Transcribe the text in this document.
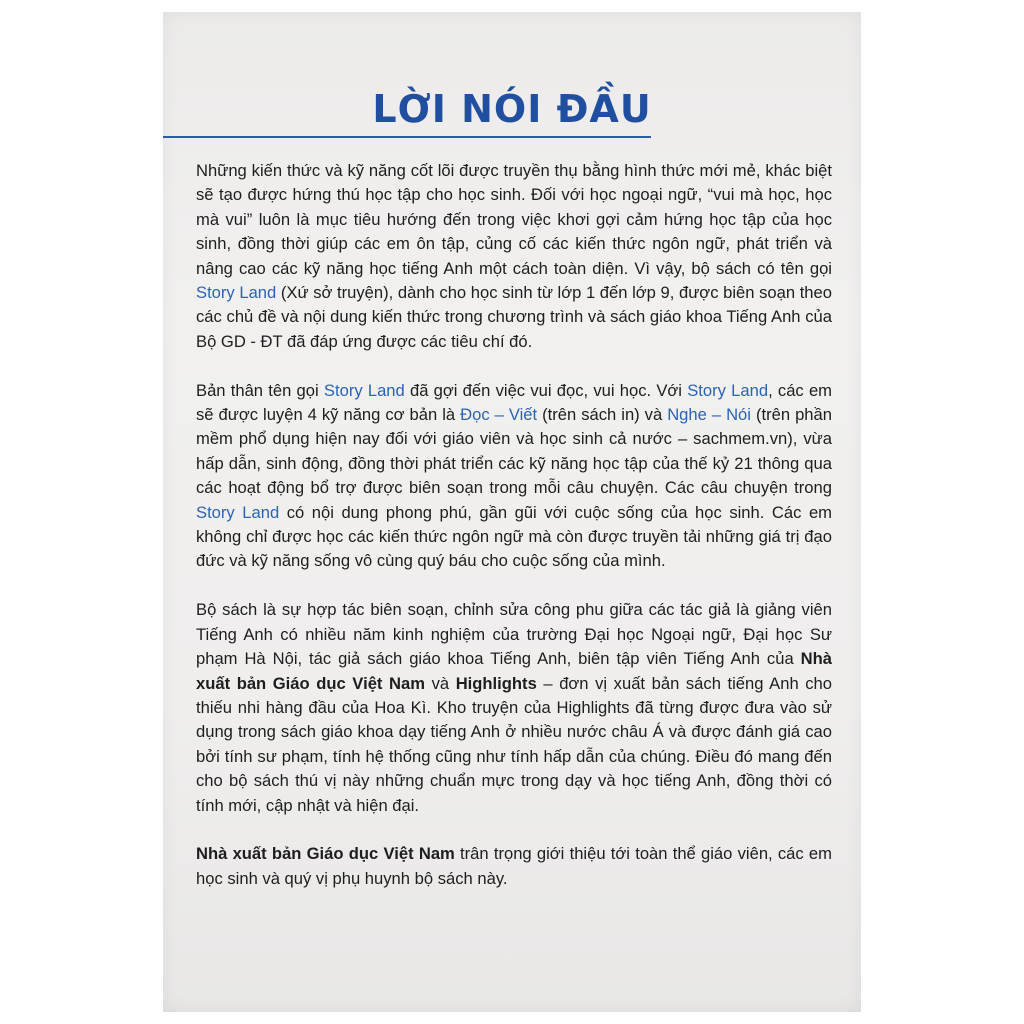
LỜI NÓI ĐẦU

Những kiến thức và kỹ năng cốt lõi được truyền thụ bằng hình thức mới mẻ, khác biệt sẽ tạo được hứng thú học tập cho học sinh. Đối với học ngoại ngữ, “vui mà học, học mà vui” luôn là mục tiêu hướng đến trong việc khơi gợi cảm hứng học tập của học sinh, đồng thời giúp các em ôn tập, củng cố các kiến thức ngôn ngữ, phát triển và nâng cao các kỹ năng học tiếng Anh một cách toàn diện. Vì vậy, bộ sách có tên gọi Story Land (Xứ sở truyện), dành cho học sinh từ lớp 1 đến lớp 9, được biên soạn theo các chủ đề và nội dung kiến thức trong chương trình và sách giáo khoa Tiếng Anh của Bộ GD - ĐT đã đáp ứng được các tiêu chí đó.

Bản thân tên gọi Story Land đã gợi đến việc vui đọc, vui học. Với Story Land, các em sẽ được luyện 4 kỹ năng cơ bản là Đọc – Viết (trên sách in) và Nghe – Nói (trên phần mềm phổ dụng hiện nay đối với giáo viên và học sinh cả nước – sachmem.vn), vừa hấp dẫn, sinh động, đồng thời phát triển các kỹ năng học tập của thế kỷ 21 thông qua các hoạt động bổ trợ được biên soạn trong mỗi câu chuyện. Các câu chuyện trong Story Land có nội dung phong phú, gần gũi với cuộc sống của học sinh. Các em không chỉ được học các kiến thức ngôn ngữ mà còn được truyền tải những giá trị đạo đức và kỹ năng sống vô cùng quý báu cho cuộc sống của mình.

Bộ sách là sự hợp tác biên soạn, chỉnh sửa công phu giữa các tác giả là giảng viên Tiếng Anh có nhiều năm kinh nghiệm của trường Đại học Ngoại ngữ, Đại học Sư phạm Hà Nội, tác giả sách giáo khoa Tiếng Anh, biên tập viên Tiếng Anh của Nhà xuất bản Giáo dục Việt Nam và Highlights – đơn vị xuất bản sách tiếng Anh cho thiếu nhi hàng đầu của Hoa Kì. Kho truyện của Highlights đã từng được đưa vào sử dụng trong sách giáo khoa dạy tiếng Anh ở nhiều nước châu Á và được đánh giá cao bởi tính sư phạm, tính hệ thống cũng như tính hấp dẫn của chúng. Điều đó mang đến cho bộ sách thú vị này những chuẩn mực trong dạy và học tiếng Anh, đồng thời có tính mới, cập nhật và hiện đại.

Nhà xuất bản Giáo dục Việt Nam trân trọng giới thiệu tới toàn thể giáo viên, các em học sinh và quý vị phụ huynh bộ sách này.
